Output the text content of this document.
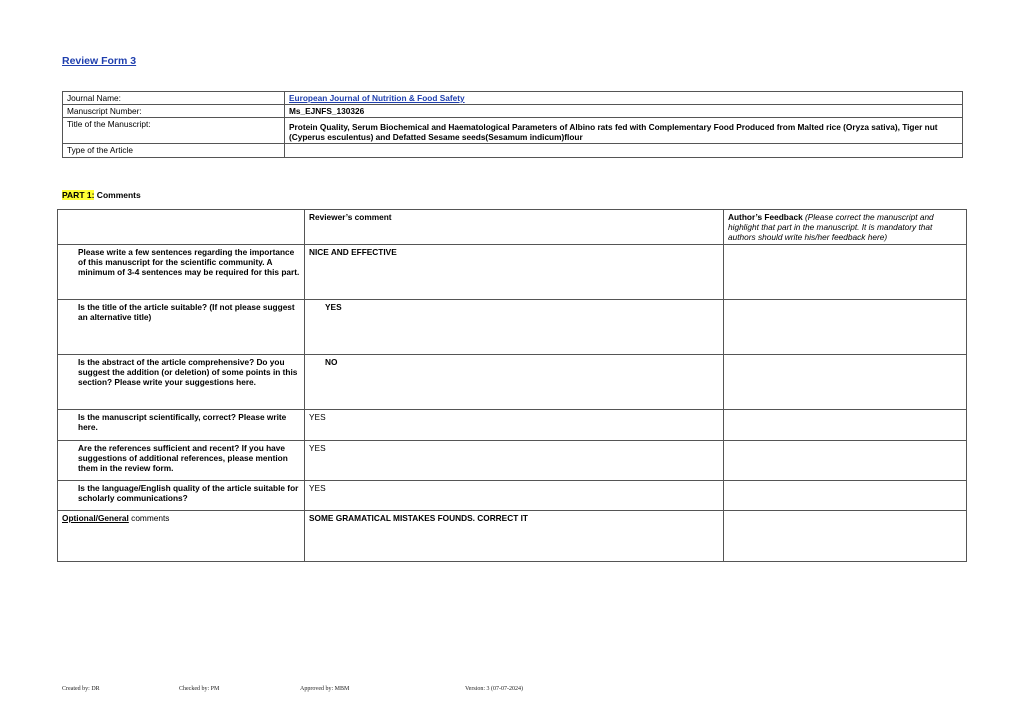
Review Form 3
Journal Name:	European Journal of Nutrition & Food Safety
Manuscript Number:	Ms_EJNFS_130326
Title of the Manuscript:	Protein Quality, Serum Biochemical and Haematological Parameters of Albino rats fed with Complementary Food Produced from Malted rice (Oryza sativa), Tiger nut (Cyperus esculentus) and Defatted Sesame seeds(Sesamum indicum)flour
Type of the Article	
PART 1: Comments
	Reviewer’s comment	Author’s Feedback (Please correct the manuscript and highlight that part in the manuscript. It is mandatory that authors should write his/her feedback here)
Please write a few sentences regarding the importance of this manuscript for the scientific community. A minimum of 3-4 sentences may be required for this part.	NICE AND EFFECTIVE	
Is the title of the article suitable? (If not please suggest an alternative title)	YES	
Is the abstract of the article comprehensive? Do you suggest the addition (or deletion) of some points in this section? Please write your suggestions here.	NO	
Is the manuscript scientifically, correct? Please write here.	YES	
Are the references sufficient and recent? If you have suggestions of additional references, please mention them in the review form.	YES	
Is the language/English quality of the article suitable for scholarly communications?	YES	
Optional/General comments	SOME GRAMATICAL MISTAKES FOUNDS. CORRECT IT	
Created by: DR	Checked by: PM	Approved by: MBM	Version: 3 (07-07-2024)
